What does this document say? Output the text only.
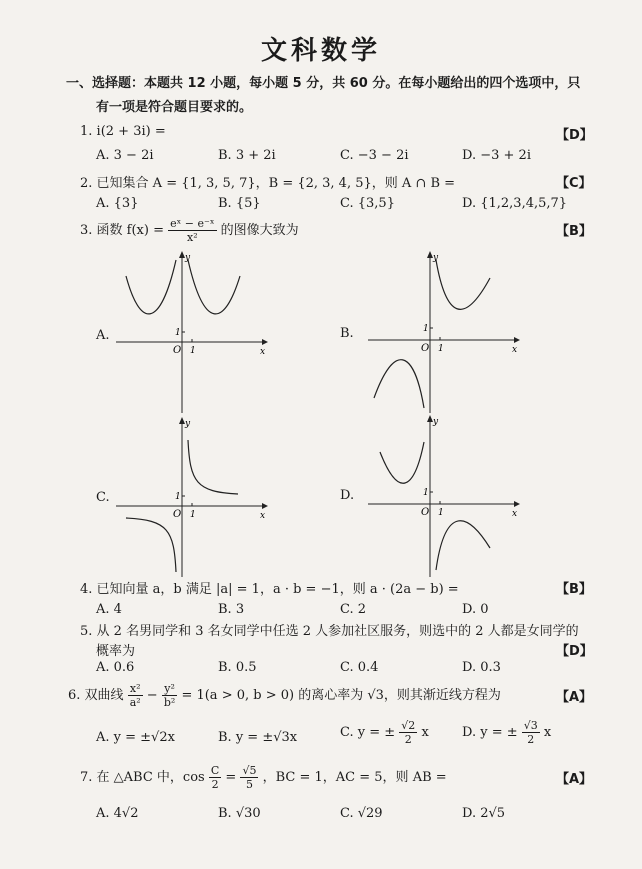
文科数学
一、选择题：本题共 12 小题，每小题 5 分，共 60 分。在每小题给出的四个选项中，只
有一项是符合题目要求的。
1. i(2 + 3i) =	【D】
A. 3 − 2i	B. 3 + 2i	C. −3 − 2i	D. −3 + 2i
2. 已知集合 A = {1, 3, 5, 7}，B = {2, 3, 4, 5}，则 A ∩ B =	【C】
A. {3}	B. {5}	C. {3,5}	D. {1,2,3,4,5,7}
3. 函数 $f(x) = \frac{\text{eˣ − e⁻ˣ}}{\text{x²}}$ 的图像大致为	【B】
A.	B.
C.	D.
y
x
O 1
1
y
x
O 1
1
y
x
O 1
1
y
x
O 1
1
4. 已知向量 a，b 满足 |a| = 1，a · b = −1，则 a · (2a − b) =	【B】
A. 4	B. 3	C. 2	D. 0
5. 从 2 名男同学和 3 名女同学中任选 2 人参加社区服务，则选中的 2 人都是女同学的
概率为	【D】
A. 0.6	B. 0.5	C. 0.4	D. 0.3
6. 双曲线 $\frac{\text{x²}}{\text{a²}} - \frac{\text{y²}}{\text{b²}} = 1(a > 0$, b > 0) 的离心率为 √3，则其渐近线方程为	【A】
A. y = ±√2x	B. y = ±√3x	C. y = ± $\frac{√2}{2}$ x	D. y = ± $\frac{√3}{2}$ x
7. 在 △ABC 中，$\cos \frac{C}{2} = \frac{√5}{5}$ ，BC = 1，AC = 5，则 AB =	【A】
A. 4√2	B. √30	C. √29	D. 2√5
